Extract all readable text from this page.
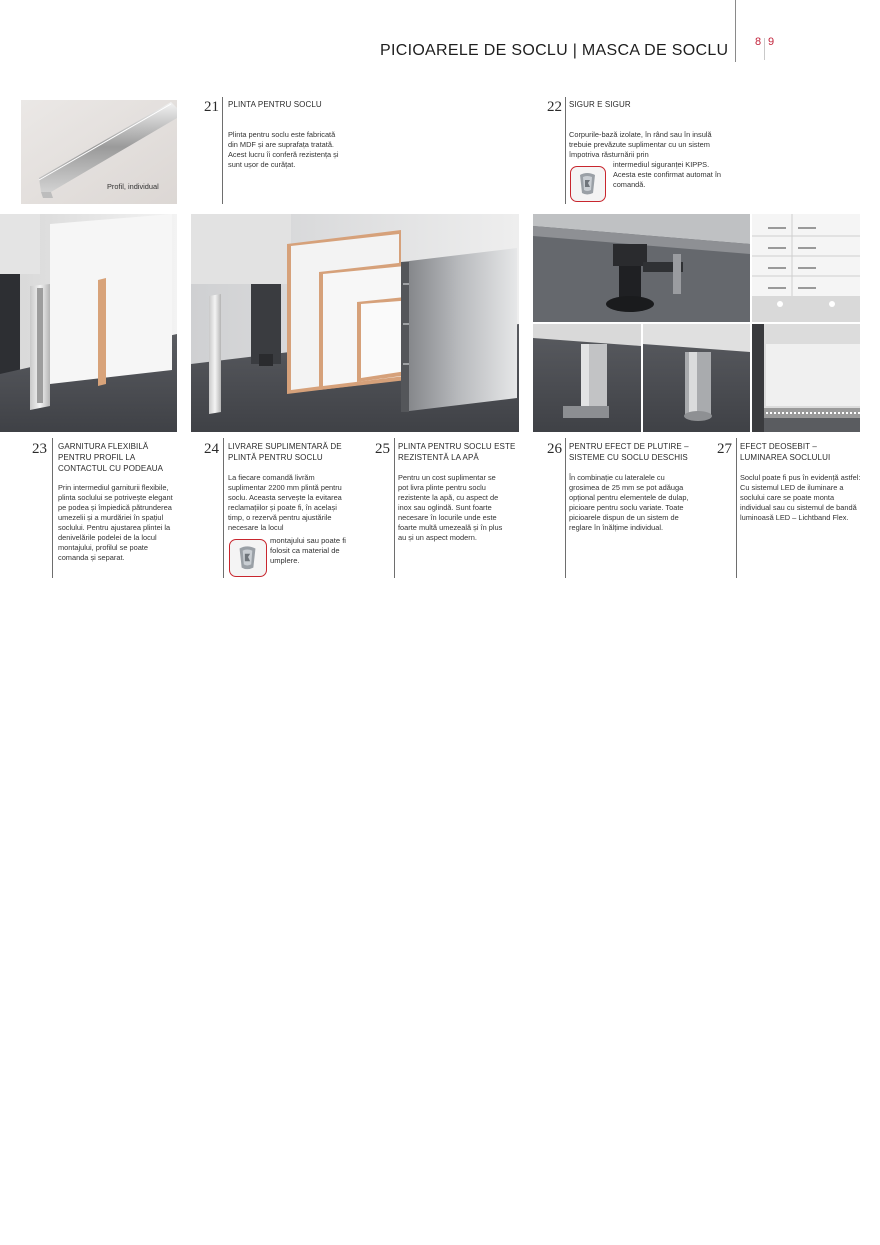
PICIOARELE DE SOCLU | MASCA DE SOCLU 8 9
Profil, individual
21 PLINTA PENTRU SOCLU
Plinta pentru soclu este fabricată din MDF și are suprafața tratată. Acest lucru îi conferă rezistența și sunt ușor de curățat.
22 SIGUR E SIGUR
Corpurile-bază izolate, în rând sau în insulă trebuie prevăzute suplimentar cu un sistem împotriva răsturnării prin
intermediul siguranței KIPPS. Acesta este confirmat automat în comandă.
23 GARNITURA FLEXIBILĂ PENTRU PROFIL LA CONTACTUL CU PODEAUA
Prin intermediul garniturii flexibile, plinta soclului se potrivește elegant pe podea și împiedică pătrunderea umezelii și a murdăriei în spațiul soclului. Pentru ajustarea plintei la denivelările podelei de la locul montajului, profilul se poate comanda și separat.
24 LIVRARE SUPLIMENTARĂ DE PLINTĂ PENTRU SOCLU
La fiecare comandă livrăm suplimentar 2200 mm plintă pentru soclu. Aceasta servește la evitarea reclamațiilor și poate fi, în același timp, o rezervă pentru ajustările necesare la locul
montajului sau poate fi folosit ca material de umplere.
25 PLINTA PENTRU SOCLU ESTE REZISTENTĂ LA APĂ
Pentru un cost suplimentar se pot livra plinte pentru soclu rezistente la apă, cu aspect de inox sau oglindă. Sunt foarte necesare în locurile unde este foarte multă umezeală și în plus au și un aspect modern.
26 PENTRU EFECT DE PLUTIRE – SISTEME CU SOCLU DESCHIS
În combinație cu lateralele cu grosimea de 25 mm se pot adăuga opțional pentru elementele de dulap, picioare pentru soclu variate. Toate picioarele dispun de un sistem de reglare în înălțime individual.
27 EFECT DEOSEBIT – LUMINAREA SOCLULUI
Soclul poate fi pus în evidență astfel: Cu sistemul LED de iluminare a soclului care se poate monta individual sau cu sistemul de bandă luminoasă LED – Lichtband Flex.
